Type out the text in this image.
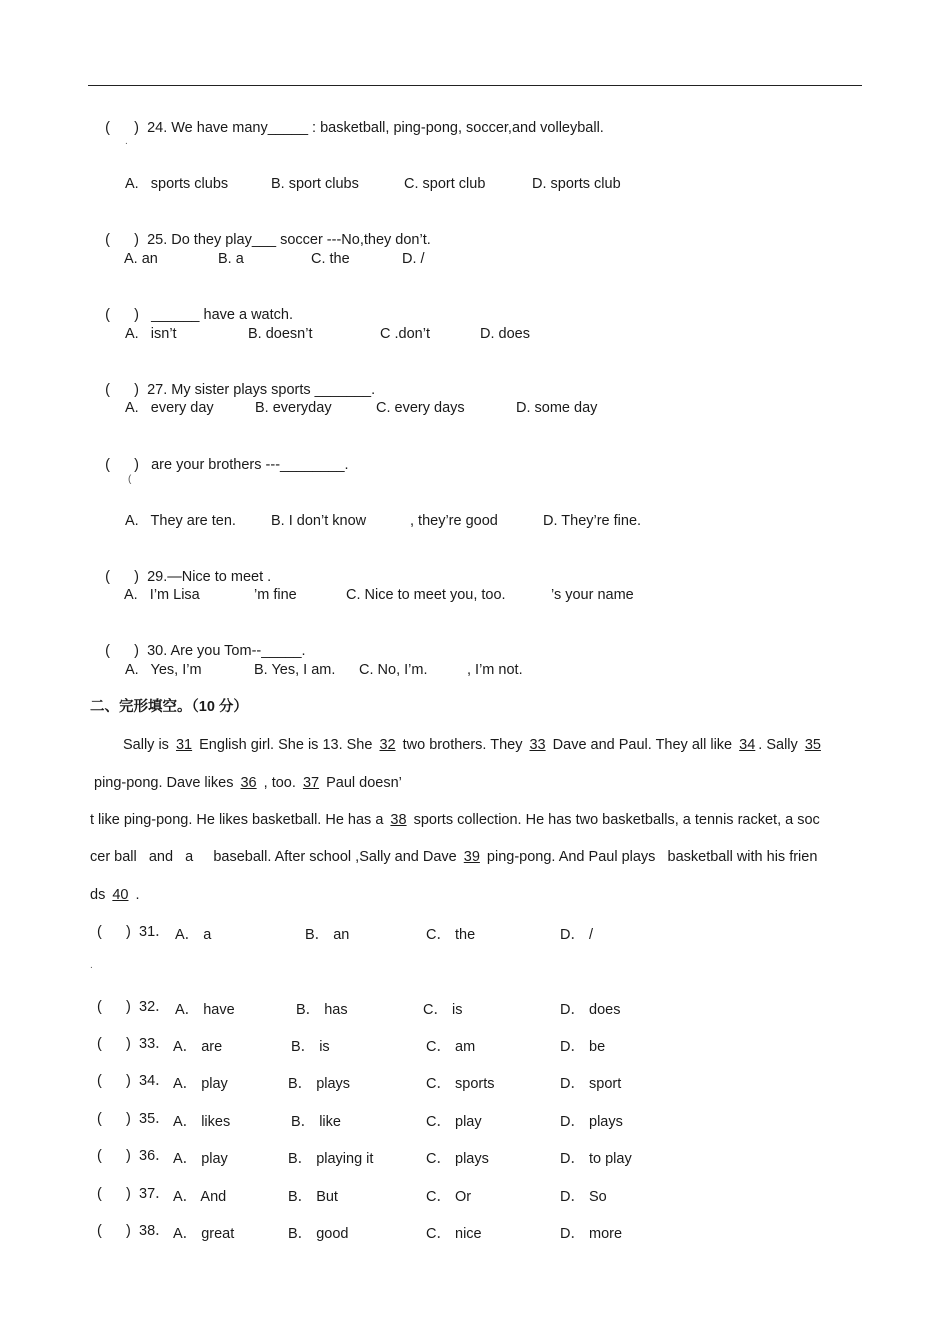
(      ) 24. We have many_____ : basketball, ping-pong, soccer,and volleyball.

.
A.   sports clubs	B. sport clubs	C. sport club	D. sports club

(      ) 25. Do they play___ soccer ---No,they don’t.

A. an	B. a	C. the	D. /

(      ) ______ have a watch.

A.   isn’t	B. doesn’t	C .don’t	D. does

(      ) 27. My sister plays sports _______.

A.   every day	B. everyday	C. every days	D. some day

(      ) are your brothers ---________.

(
A.   They are ten. B. I don’t know	, they’re good	D. They’re fine.

(      ) 29.—Nice to meet .

A.   I’m Lisa	’m fine	C. Nice to meet you, too.	’s your name

(      ) 30. Are you Tom--_____.

A.   Yes, I’m	B. Yes, I am. C. No, I’m.	, I’m not.
二、完形填空。（10 分）
Sally is 31 English girl. She is 13. She 32 two brothers. They 33 Dave and Paul. They all like 34 . Sally 35
ping-pong. Dave likes 36 , too. 37 Paul doesn’
t like ping-pong. He likes basketball. He has a 38 sports collection. He has two basketballs, a tennis racket, a soc
cer ball   and   a     baseball. After school ,Sally and Dave 39 ping-pong. And Paul plays   basketball with his frien
ds 40 .
(      ) 31． A． a	B． an	C． the	D． /
.
(      ) 32． A． have	B． has	C． is	D． does
(      ) 33． A． are	B． is	C． am	D． be
(      ) 34． A． play	B． plays	C． sports	D． sport
(      ) 35． A． likes	B． like	C． play	D． plays
(      ) 36． A． play	B． playing it	C． plays	D． to play
(      ) 37． A． And	B． But	C． Or	D． So
(      ) 38． A． great	B． good	C． nice	D． more
